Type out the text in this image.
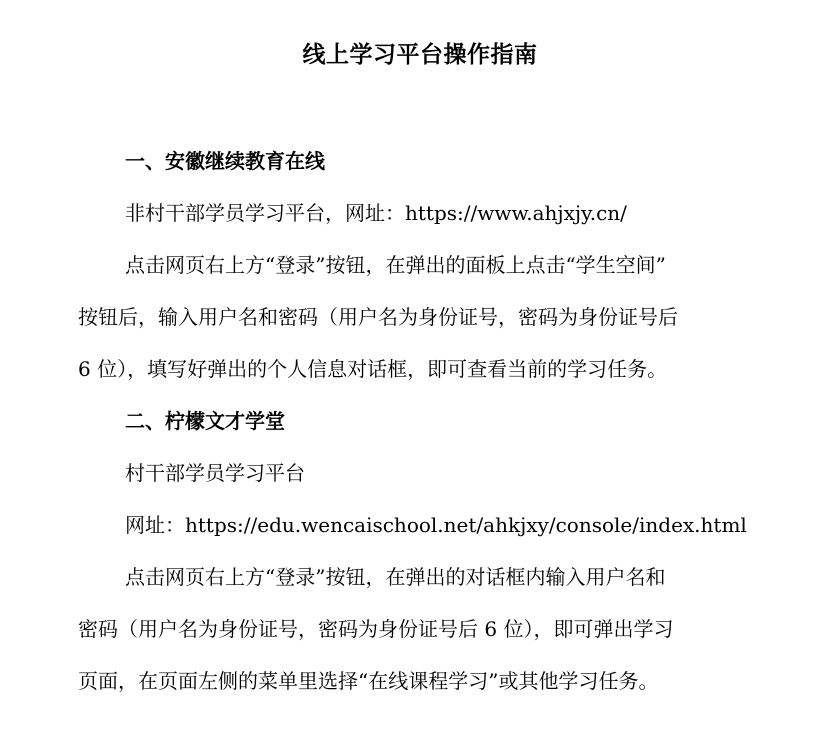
线上学习平台操作指南
一、安徽继续教育在线
非村干部学员学习平台，网址：https://www.ahjxjy.cn/
点击网页右上方“登录”按钮，在弹出的面板上点击“学生空间”
按钮后，输入用户名和密码（用户名为身份证号，密码为身份证号后
6 位），填写好弹出的个人信息对话框，即可查看当前的学习任务。
二、柠檬文才学堂
村干部学员学习平台
网址：https://edu.wencaischool.net/ahkjxy/console/index.html
点击网页右上方“登录”按钮，在弹出的对话框内输入用户名和
密码（用户名为身份证号，密码为身份证号后 6 位），即可弹出学习
页面，在页面左侧的菜单里选择“在线课程学习”或其他学习任务。
